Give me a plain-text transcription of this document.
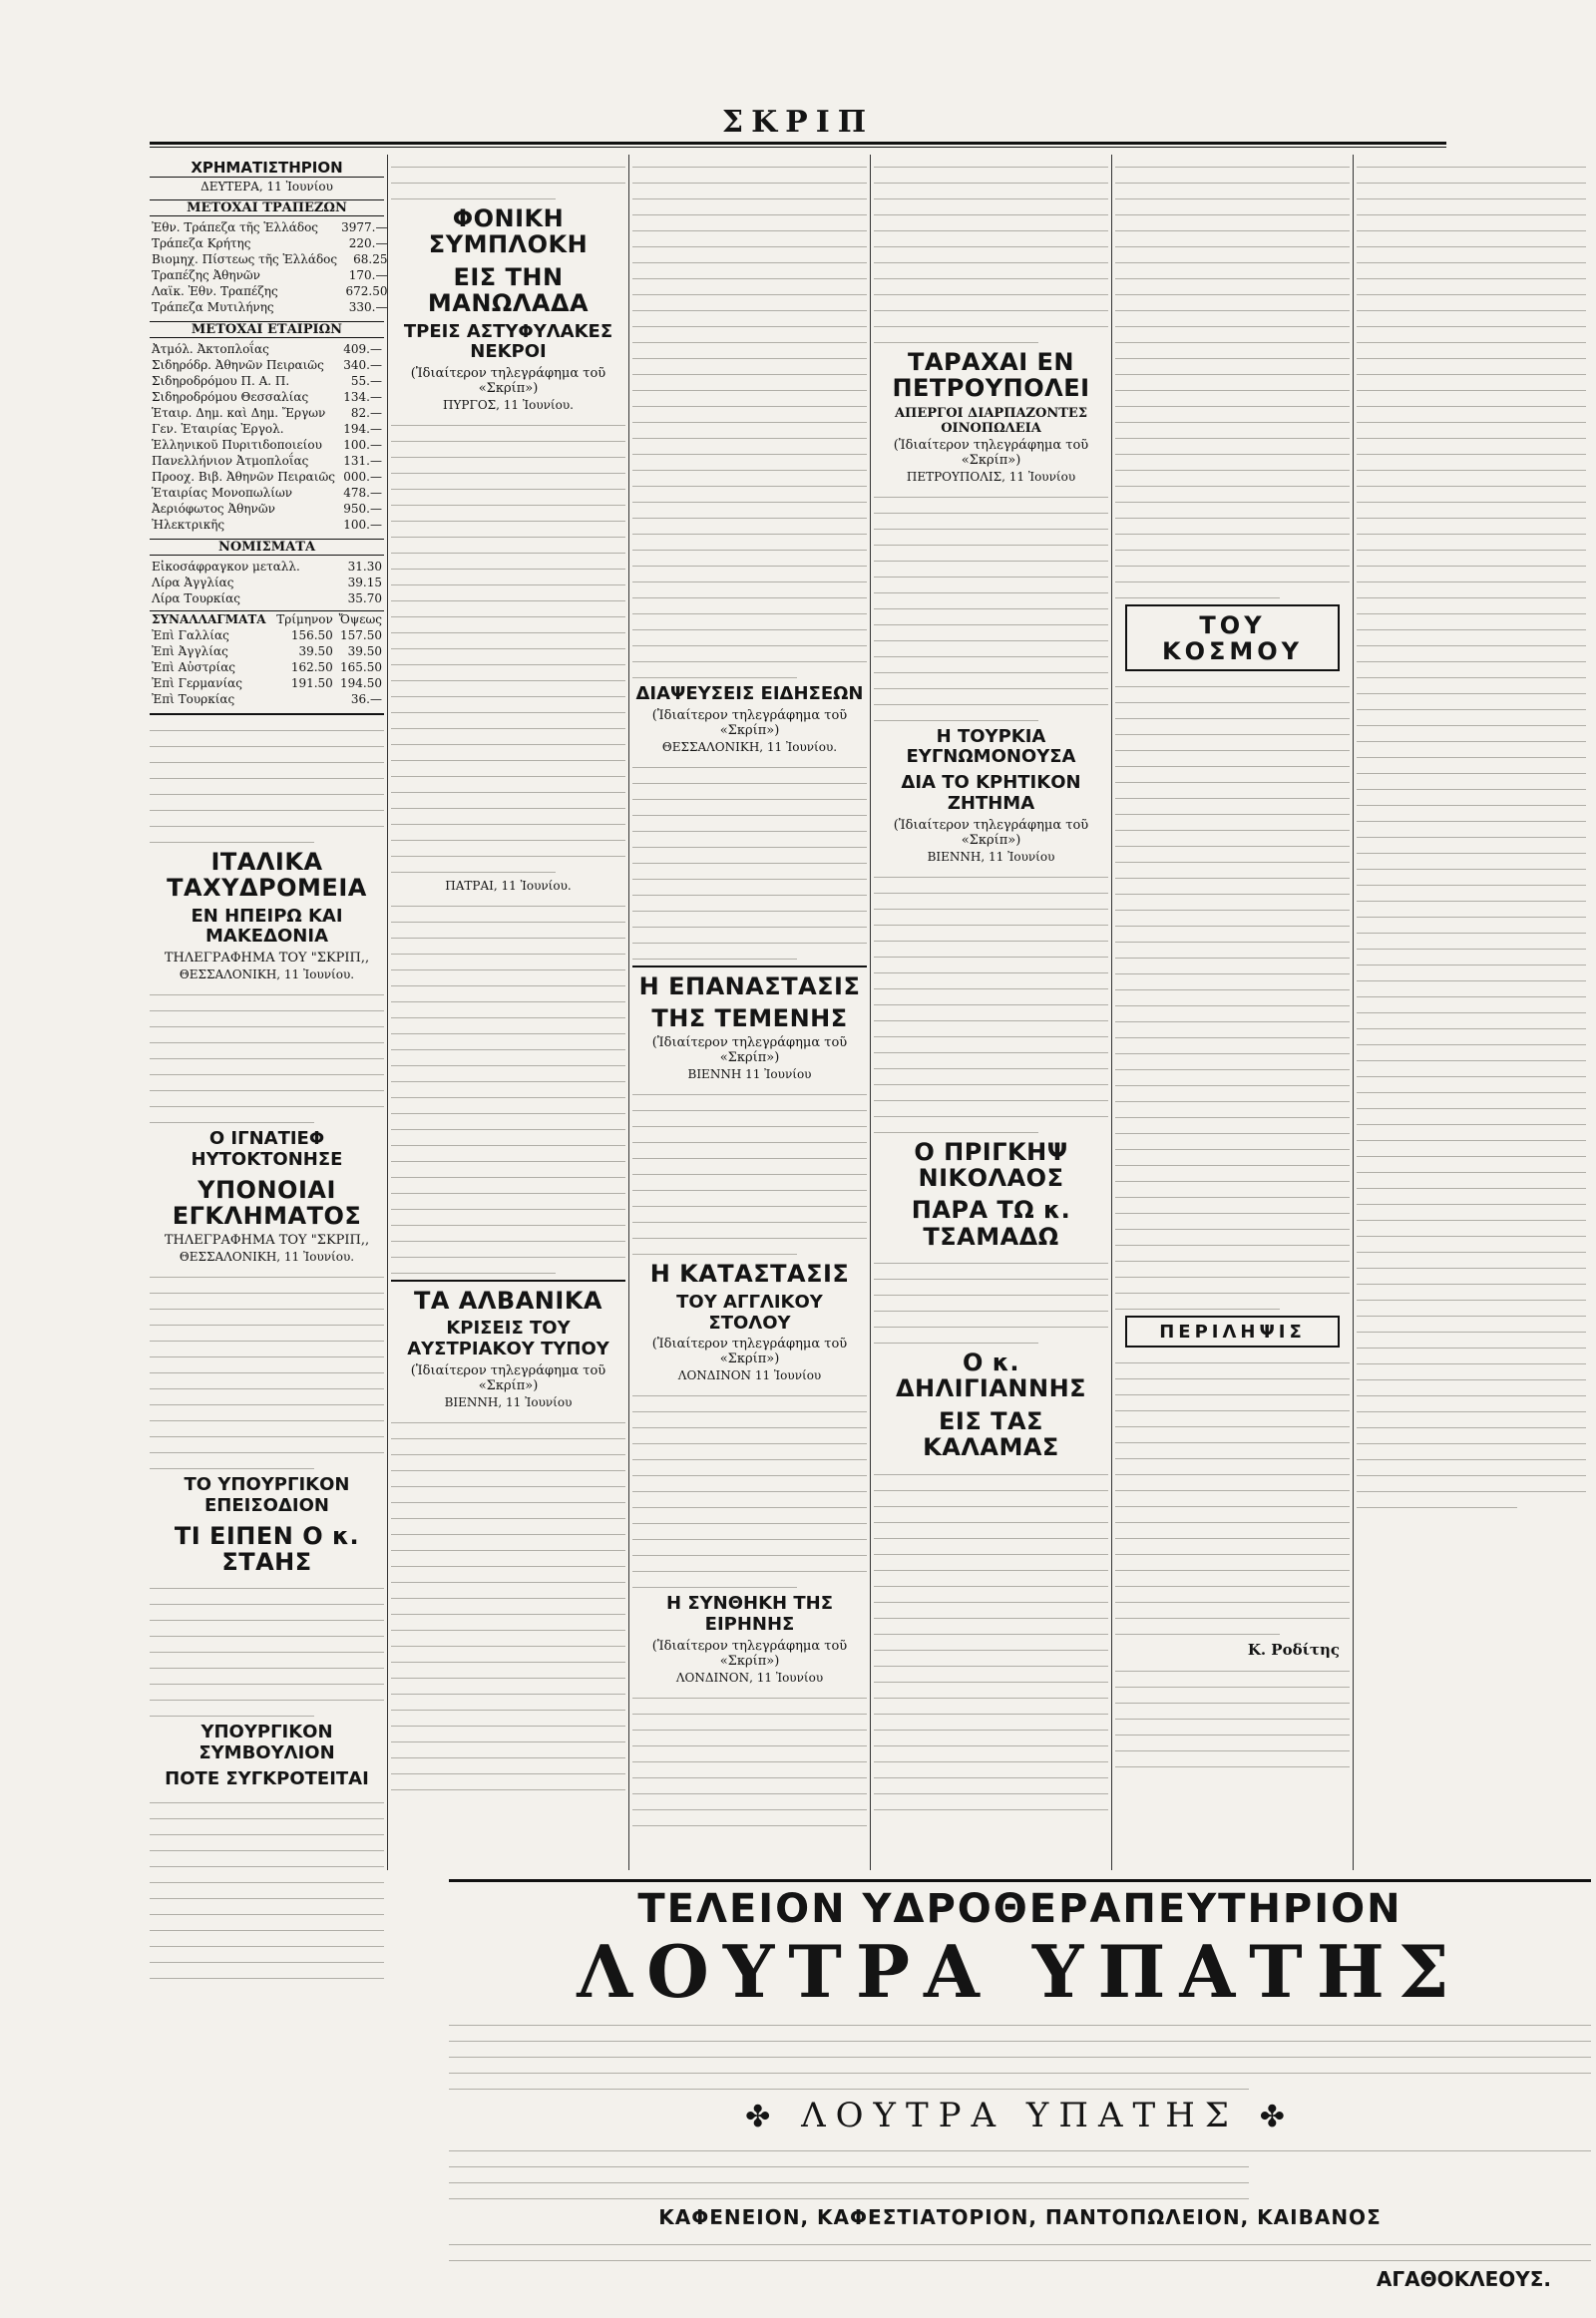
ΣΚΡΙΠ
ΧΡΗΜΑΤΙΣΤΗΡΙΟΝ
ΔΕΥΤΕΡΑ, 11 Ἰουνίου
ΜΕΤΟΧΑΙ ΤΡΑΠΕΖΩΝ
Ἐθν. Τράπεζα τῆς Ἑλλάδος	3977.—
Τράπεζα Κρήτης	220.—
Βιομηχ. Πίστεως τῆς Ἑλλάδος	68.25
Τραπέζης Ἀθηνῶν	170.—
Λαϊκ. Ἐθν. Τραπέζης	672.50
Τράπεζα Μυτιλήνης	330.—
ΜΕΤΟΧΑΙ ΕΤΑΙΡΙΩΝ
Ἀτμόλ. Ἀκτοπλοΐας	409.—
Σιδηρόδρ. Ἀθηνῶν Πειραιῶς	340.—
Σιδηροδρόμου Π. Α. Π.	55.—
Σιδηροδρόμου Θεσσαλίας	134.—
Ἑταιρ. Δημ. καὶ Δημ. Ἔργων	82.—
Γεν. Ἑταιρίας Ἐργολ.	194.—
Ἑλληνικοῦ Πυριτιδοποιείου	100.—
Πανελλήνιον Ἀτμοπλοΐας	131.—
Προοχ. Βιβ. Ἀθηνῶν Πειραιῶς	000.—
Ἑταιρίας Μονοπωλίων	478.—
Ἀεριόφωτος Ἀθηνῶν	950.—
Ἠλεκτρικῆς	100.—
ΝΟΜΙΣΜΑΤΑ
Εἰκοσάφραγκον μεταλλ.	31.30
Λίρα Ἀγγλίας	39.15
Λίρα Τουρκίας	35.70
ΣΥΝΑΛΛΑΓΜΑΤΑ	Τρίμηνον	Ὄψεως
Ἐπὶ Γαλλίας	156.50	157.50
Ἐπὶ Ἀγγλίας	39.50	39.50
Ἐπὶ Αὐστρίας	162.50	165.50
Ἐπὶ Γερμανίας	191.50	194.50
Ἐπὶ Τουρκίας		36.—
ΙΤΑΛΙΚΑ ΤΑΧΥΔΡΟΜΕΙΑ
ΕΝ ΗΠΕΙΡΩ ΚΑΙ ΜΑΚΕΔΟΝΙΑ
ΤΗΛΕΓΡΑΦΗΜΑ ΤΟΥ "ΣΚΡΙΠ,,
ΘΕΣΣΑΛΟΝΙΚΗ, 11 Ἰουνίου.
Ο ΙΓΝΑΤΙΕΦ ΗΥΤΟΚΤΟΝΗΣΕ
ΥΠΟΝΟΙΑΙ ΕΓΚΛΗΜΑΤΟΣ
ΤΗΛΕΓΡΑΦΗΜΑ ΤΟΥ "ΣΚΡΙΠ,,
ΘΕΣΣΑΛΟΝΙΚΗ, 11 Ἰουνίου.
ΤΟ ΥΠΟΥΡΓΙΚΟΝ ΕΠΕΙΣΟΔΙΟΝ
ΤΙ ΕΙΠΕΝ Ο κ. ΣΤΑΗΣ
ΥΠΟΥΡΓΙΚΟΝ ΣΥΜΒΟΥΛΙΟΝ
ΠΟΤΕ ΣΥΓΚΡΟΤΕΙΤΑΙ
ΦΟΝΙΚΗ ΣΥΜΠΛΟΚΗ
ΕΙΣ ΤΗΝ ΜΑΝΩΛΑΔΑ
ΤΡΕΙΣ ΑΣΤΥΦΥΛΑΚΕΣ ΝΕΚΡΟΙ
(Ἰδιαίτερον τηλεγράφημα τοῦ «Σκρίπ»)
ΠΥΡΓΟΣ, 11 Ἰουνίου.
ΠΑΤΡΑΙ, 11 Ἰουνίου.
ΤΑ ΑΛΒΑΝΙΚΑ
ΚΡΙΣΕΙΣ ΤΟΥ ΑΥΣΤΡΙΑΚΟΥ ΤΥΠΟΥ
(Ἰδιαίτερον τηλεγράφημα τοῦ «Σκρίπ»)
ΒΙΕΝΝΗ, 11 Ἰουνίου
ΔΙΑΨΕΥΣΕΙΣ ΕΙΔΗΣΕΩΝ
(Ἰδιαίτερον τηλεγράφημα τοῦ «Σκρίπ»)
ΘΕΣΣΑΛΟΝΙΚΗ, 11 Ἰουνίου.
Η ΕΠΑΝΑΣΤΑΣΙΣ
ΤΗΣ ΤΕΜΕΝΗΣ
(Ἰδιαίτερον τηλεγράφημα τοῦ «Σκρίπ»)
ΒΙΕΝΝΗ 11 Ἰουνίου
Η ΚΑΤΑΣΤΑΣΙΣ
ΤΟΥ ΑΓΓΛΙΚΟΥ ΣΤΟΛΟΥ
(Ἰδιαίτερον τηλεγράφημα τοῦ «Σκρίπ»)
ΛΟΝΔΙΝΟΝ 11 Ἰουνίου
Η ΣΥΝΘΗΚΗ ΤΗΣ ΕΙΡΗΝΗΣ
(Ἰδιαίτερον τηλεγράφημα τοῦ «Σκρίπ»)
ΛΟΝΔΙΝΟΝ, 11 Ἰουνίου
ΤΑΡΑΧΑΙ ΕΝ ΠΕΤΡΟΥΠΟΛΕΙ
ΑΠΕΡΓΟΙ ΔΙΑΡΠΑΖΟΝΤΕΣ ΟΙΝΟΠΩΛΕΙΑ
(Ἰδιαίτερον τηλεγράφημα τοῦ «Σκρίπ»)
ΠΕΤΡΟΥΠΟΛΙΣ, 11 Ἰουνίου
Η ΤΟΥΡΚΙΑ ΕΥΓΝΩΜΟΝΟΥΣΑ
ΔΙΑ ΤΟ ΚΡΗΤΙΚΟΝ ΖΗΤΗΜΑ
(Ἰδιαίτερον τηλεγράφημα τοῦ «Σκρίπ»)
ΒΙΕΝΝΗ, 11 Ἰουνίου
Ο ΠΡΙΓΚΗΨ ΝΙΚΟΛΑΟΣ
ΠΑΡΑ ΤΩ κ. ΤΣΑΜΑΔΩ
Ο κ. ΔΗΛΙΓΙΑΝΝΗΣ
ΕΙΣ ΤΑΣ ΚΑΛΑΜΑΣ
ΤΟΥ ΚΟΣΜΟΥ
ΠΕΡΙΛΗΨΙΣ
Κ. Ροδίτης
ΤΕΛΕΙΟΝ ΥΔΡΟΘΕΡΑΠΕΥΤΗΡΙΟΝ
ΛΟΥΤΡΑ ΥΠΑΤΗΣ
✤ ΛΟΥΤΡΑ ΥΠΑΤΗΣ ✤
ΚΑΦΕΝΕΙΟΝ, ΚΑΦΕΣΤΙΑΤΟΡΙΟΝ, ΠΑΝΤΟΠΩΛΕΙΟΝ, ΚΑΙΒΑΝΟΣ
ΑΓΑΘΟΚΛΕΟΥΣ.
